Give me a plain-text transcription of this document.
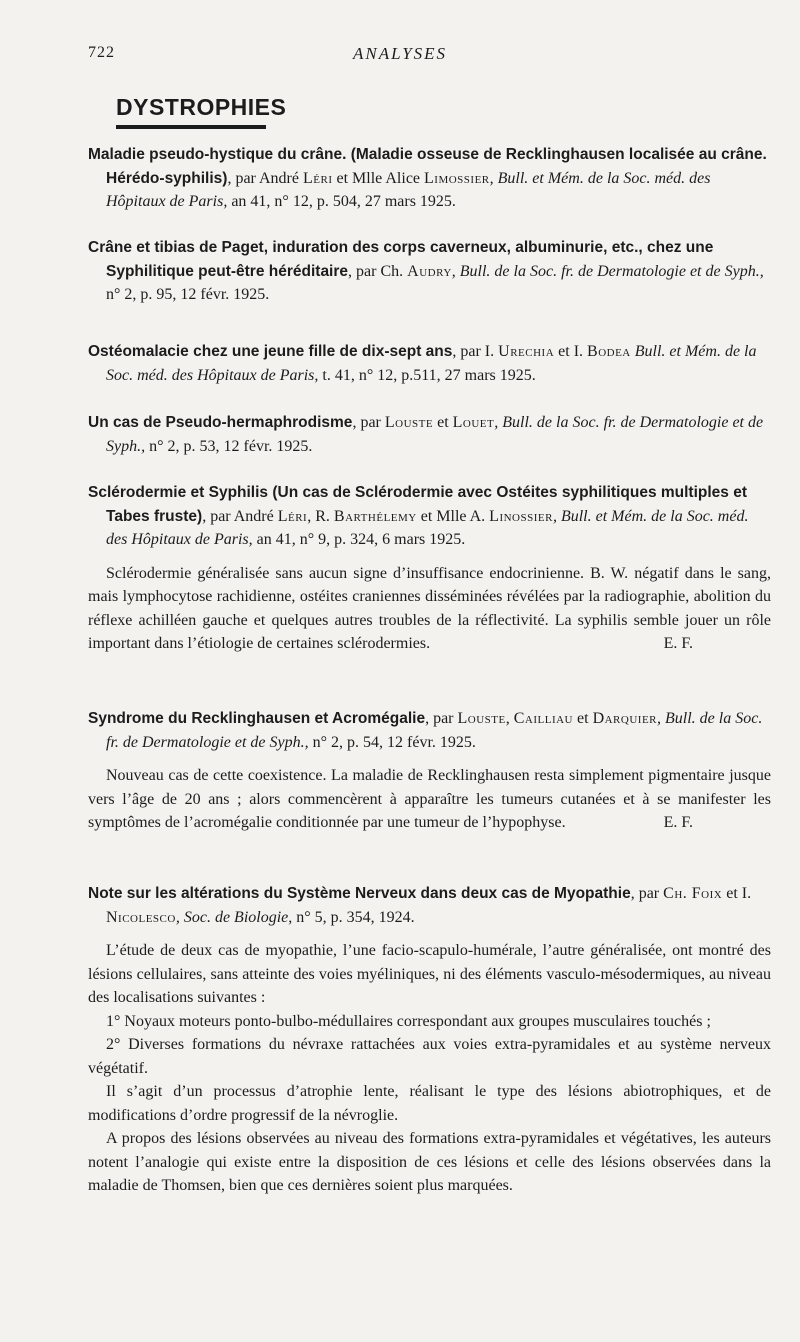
722	ANALYSES
DYSTROPHIES
Maladie pseudo-hystique du crâne. (Maladie osseuse de Recklinghausen localisée au crâne. Hérédo-syphilis), par André Léri et Mlle Alice Limossier, Bull. et Mém. de la Soc. méd. des Hôpitaux de Paris, an 41, n° 12, p. 504, 27 mars 1925.
Crâne et tibias de Paget, induration des corps caverneux, albuminurie, etc., chez une Syphilitique peut-être héréditaire, par Ch. Audry, Bull. de la Soc. fr. de Dermatologie et de Syph., n° 2, p. 95, 12 févr. 1925.
Ostéomalacie chez une jeune fille de dix-sept ans, par I. Urechia et I. Bodea Bull. et Mém. de la Soc. méd. des Hôpitaux de Paris, t. 41, n° 12, p.511, 27 mars 1925.
Un cas de Pseudo-hermaphrodisme, par Louste et Louet, Bull. de la Soc. fr. de Dermatologie et de Syph., n° 2, p. 53, 12 févr. 1925.
Sclérodermie et Syphilis (Un cas de Sclérodermie avec Ostéites syphilitiques multiples et Tabes fruste), par André Léri, R. Barthélemy et Mlle A. Linossier, Bull. et Mém. de la Soc. méd. des Hôpitaux de Paris, an 41, n° 9, p. 324, 6 mars 1925.

Sclérodermie généralisée sans aucun signe d’insuffisance endocrinienne. B. W. négatif dans le sang, mais lymphocytose rachidienne, ostéites craniennes disséminées révélées par la radiographie, abolition du réflexe achilléen gauche et quelques autres troubles de la réflectivité. La syphilis semble jouer un rôle important dans l’étiologie de certaines sclérodermies.	E. F.

Syndrome du Recklinghausen et Acromégalie, par Louste, Cailliau et Darquier, Bull. de la Soc. fr. de Dermatologie et de Syph., n° 2, p. 54, 12 févr. 1925.

Nouveau cas de cette coexistence. La maladie de Recklinghausen resta simplement pigmentaire jusque vers l’âge de 20 ans ; alors commencèrent à apparaître les tumeurs cutanées et à se manifester les symptômes de l’acromégalie conditionnée par une tumeur de l’hypophyse.	E. F.

Note sur les altérations du Système Nerveux dans deux cas de Myopathie, par Ch. Foix et I. Nicolesco, Soc. de Biologie, n° 5, p. 354, 1924.

L’étude de deux cas de myopathie, l’une facio-scapulo-humérale, l’autre généralisée, ont montré des lésions cellulaires, sans atteinte des voies myéliniques, ni des éléments vasculo-mésodermiques, au niveau des localisations suivantes :

1° Noyaux moteurs ponto-bulbo-médullaires correspondant aux groupes musculaires touchés ;

2° Diverses formations du névraxe rattachées aux voies extra-pyramidales et au système nerveux végétatif.

Il s’agit d’un processus d’atrophie lente, réalisant le type des lésions abiotrophiques, et de modifications d’ordre progressif de la névroglie.

A propos des lésions observées au niveau des formations extra-pyramidales et végétatives, les auteurs notent l’analogie qui existe entre la disposition de ces lésions et celle des lésions observées dans la maladie de Thomsen, bien que ces dernières soient plus marquées.
